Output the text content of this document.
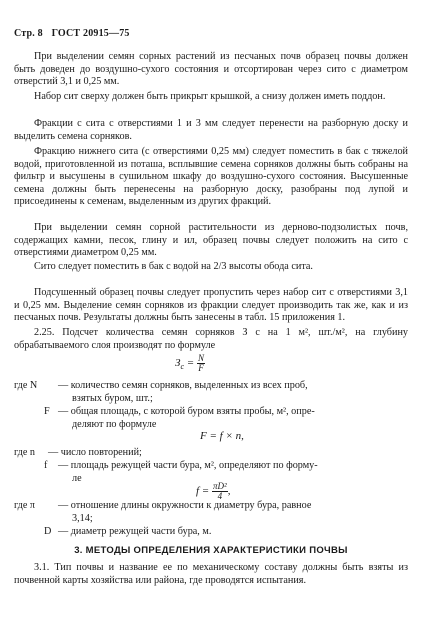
Стр. 8 ГОСТ 20915—75

При выделении семян сорных растений из песчаных почв образец почвы должен быть доведен до воздушно-сухого состояния и отсортирован через сито с диаметром отверстий 3,1 и 0,25 мм.

Набор сит сверху должен быть прикрыт крышкой, а снизу должен иметь поддон.

Фракции с сита с отверстиями 1 и 3 мм следует перенести на разборную доску и выделить семена сорняков.

Фракцию нижнего сита (с отверстиями 0,25 мм) следует поместить в бак с тяжелой водой, приготовленной из поташа, всплывшие семена сорняков должны быть собраны на фильтр и высушены в сушильном шкафу до воздушно-сухого состояния. Высушенные семена должны быть перенесены на разборную доску, разобраны под лупой и присоединены к семенам, выделенным из других фракций.

При выделении семян сорной растительности из дерново-подзолистых почв, содержащих камни, песок, глину и ил, образец почвы следует положить на сито с отверстиями диаметром 0,25 мм.

Сито следует поместить в бак с водой на 2/3 высоты обода сита.

Подсушенный образец почвы следует пропустить через набор сит с отверстиями 3,1 и 0,25 мм. Выделение семян сорняков из фракции следует производить так же, как и из песчаных почв. Результаты должны быть занесены в табл. 15 приложения 1.

2.25. Подсчет количества семян сорняков З с на 1 м², шт./м², на глубину обрабатываемого слоя производят по формуле

$З_с = \frac{N}{F}$
где N — количество семян сорняков, выделенных из всех проб,
взятых буром, шт.;
F — общая площадь, с которой буром взяты пробы, м², опре-
деляют по формуле
F = f × n,
где n — число повторений;
f — площадь режущей части бура, м², определяют по форму-
ле
$f = \frac{\text{πD²}}{4}$ ,
где π — отношение длины окружности к диаметру бура, равное
3,14;
D — диаметр режущей части бура, м.
3. МЕТОДЫ ОПРЕДЕЛЕНИЯ ХАРАКТЕРИСТИКИ ПОЧВЫ

3.1. Тип почвы и название ее по механическому составу должны быть взяты из почвенной карты хозяйства или района, где проводятся испытания.
